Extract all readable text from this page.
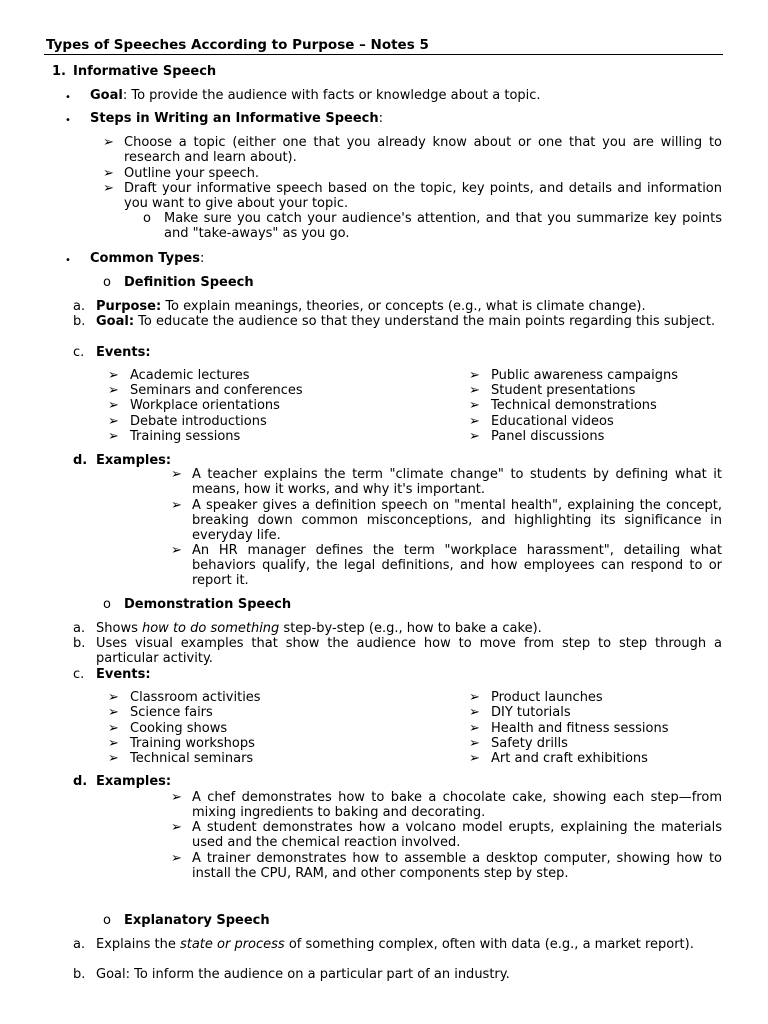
Types of Speeches According to Purpose – Notes 5
1. Informative Speech
• Goal: To provide the audience with facts or knowledge about a topic.
• Steps in Writing an Informative Speech:
➢ Choose a topic (either one that you already know about or one that you are willing to research and learn about).
➢ Outline your speech.
➢ Draft your informative speech based on the topic, key points, and details and information you want to give about your topic.
o Make sure you catch your audience's attention, and that you summarize key points and "take-aways" as you go.
• Common Types:
o Definition Speech
a. Purpose: To explain meanings, theories, or concepts (e.g., what is climate change).
b. Goal: To educate the audience so that they understand the main points regarding this subject.
c. Events:
➢ Academic lectures
➢ Seminars and conferences
➢ Workplace orientations
➢ Debate introductions
➢ Training sessions
➢ Public awareness campaigns
➢ Student presentations
➢ Technical demonstrations
➢ Educational videos
➢ Panel discussions
d. Examples:
➢ A teacher explains the term "climate change" to students by defining what it means, how it works, and why it's important.
➢ A speaker gives a definition speech on "mental health", explaining the concept, breaking down common misconceptions, and highlighting its significance in everyday life.
➢ An HR manager defines the term "workplace harassment", detailing what behaviors qualify, the legal definitions, and how employees can respond to or report it.
o Demonstration Speech
a. Shows how to do something step-by-step (e.g., how to bake a cake).
b. Uses visual examples that show the audience how to move from step to step through a particular activity.
c. Events:
➢ Classroom activities
➢ Science fairs
➢ Cooking shows
➢ Training workshops
➢ Technical seminars
➢ Product launches
➢ DIY tutorials
➢ Health and fitness sessions
➢ Safety drills
➢ Art and craft exhibitions
d. Examples:
➢ A chef demonstrates how to bake a chocolate cake, showing each step—from mixing ingredients to baking and decorating.
➢ A student demonstrates how a volcano model erupts, explaining the materials used and the chemical reaction involved.
➢ A trainer demonstrates how to assemble a desktop computer, showing how to install the CPU, RAM, and other components step by step.
o Explanatory Speech
a. Explains the state or process of something complex, often with data (e.g., a market report).
b. Goal: To inform the audience on a particular part of an industry.
